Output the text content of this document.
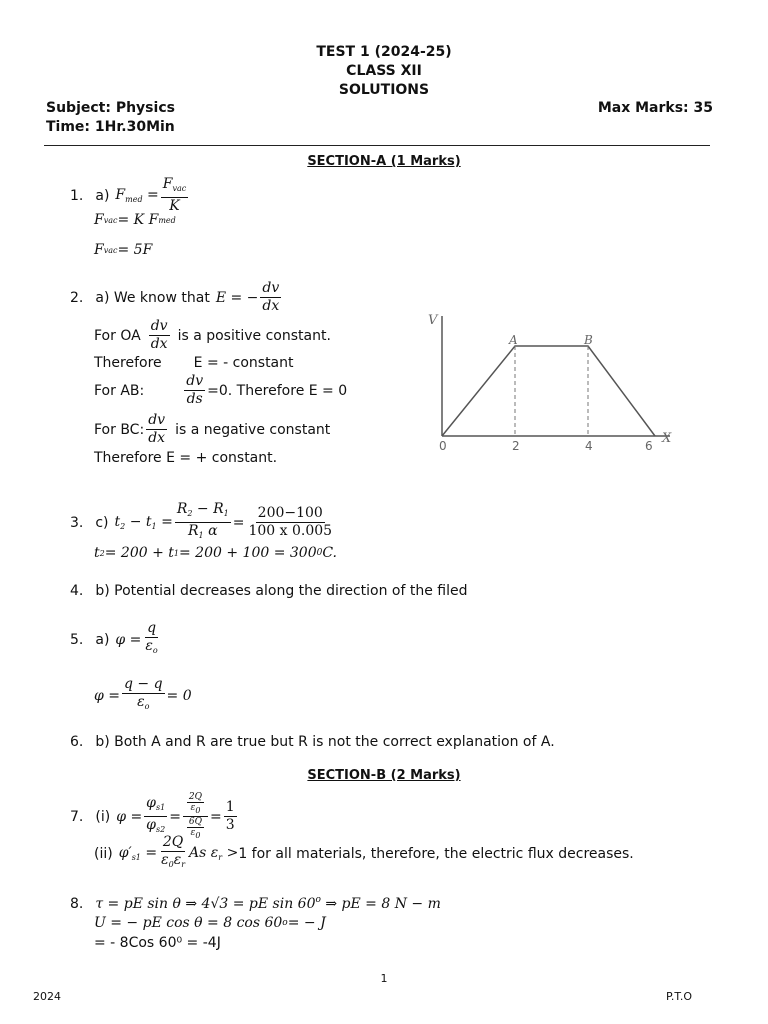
TEST 1 (2024-25)
CLASS XII
SOLUTIONS
Subject: Physics	Max Marks: 35
Time: 1Hr.30Min
SECTION-A (1 Marks)
1. a) $F_{med} = \frac{F_{vac}}{K}$
F vac = K F med
F vac = 5F
2. a) We know that E = − $\frac{dv}{dx}$
For OA $\frac{dv}{dx}$ is a positive constant.
Therefore E = - constant
For AB:	$\frac{dv}{ds} =0$. Therefore E = 0
For BC: $\frac{dv}{dx}$ is a negative constant
Therefore E = + constant.
V
X
0
A	B
2	4	6
3. c) $t_2 - t_1 = \frac{R_2 - R_1}{R_1 \alpha} = \frac{200-100}{100 x 0.005}$
t 2 = 200 + t 1 = 200 + 100 = 300 0 C.
4. b) Potential decreases along the direction of the filed
5. a) $\varphi = \frac{q}{\varepsilon_o}$
$\varphi = \frac{q - q}{\varepsilon_o} = 0$
6. b) Both A and R are true but R is not the correct explanation of A.
SECTION-B (2 Marks)
7. (i) $\varphi = \frac{\varphi_{s1}}{\varphi_{s2}} = \frac{\frac{2Q}{\varepsilon 0}}{\frac{6Q}{\varepsilon 0}} = \frac{1}{3}$
(ii) $\varphi'_{s1} = \frac{2Q}{\varepsilon_0\varepsilon_r}$ As $\varepsilon_r > 1$ for all materials, therefore, the electric flux decreases.
8. τ = pE sin θ ⇒ 4√3 = pE sin 60$^o$ ⇒ pE = 8 N − m
U = − pE cos θ = 8 cos 60 o = − J
= - 8Cos 60⁰ = -4J
1
2024	P.T.O
